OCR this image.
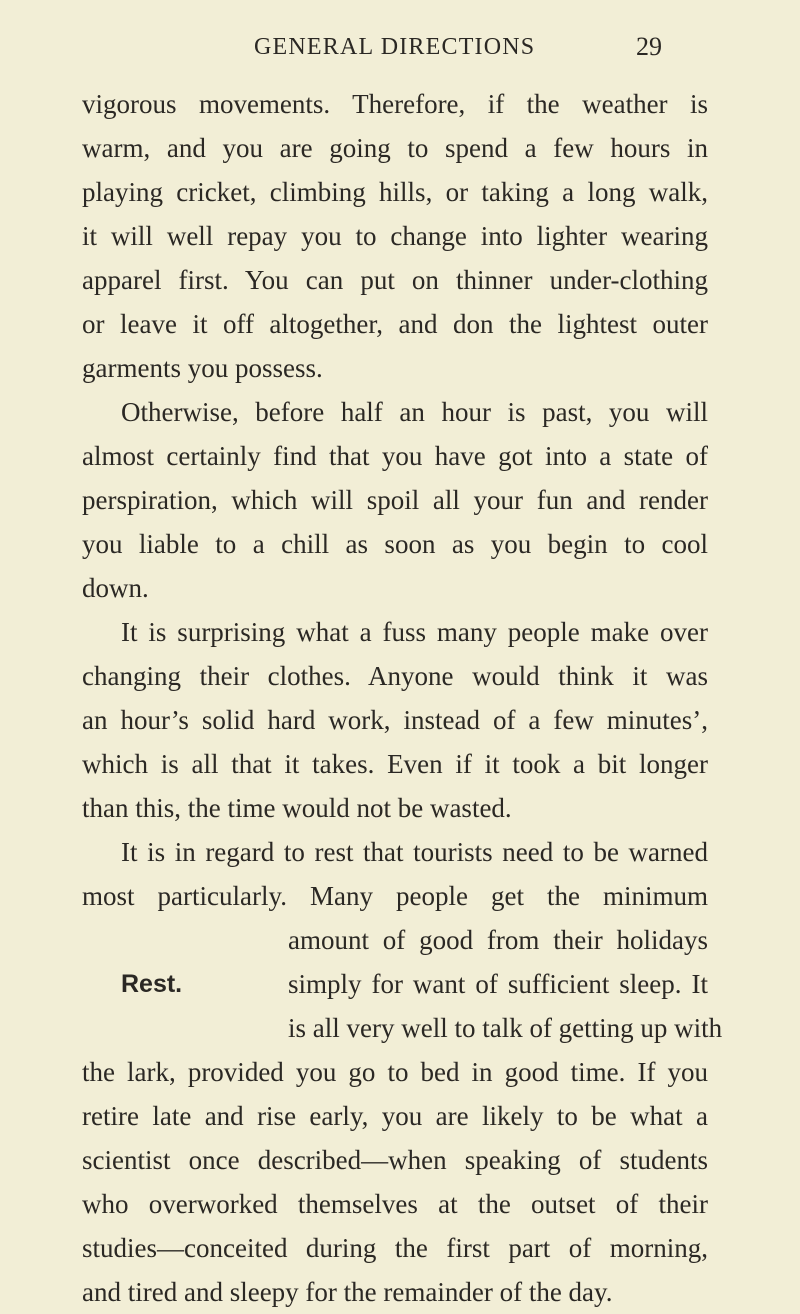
GENERAL DIRECTIONS	29
vigorous movements. Therefore, if the weather is
warm, and you are going to spend a few hours in
playing cricket, climbing hills, or taking a long walk,
it will well repay you to change into lighter wearing
apparel first. You can put on thinner under-clothing
or leave it off altogether, and don the lightest outer
garments you possess.
Otherwise, before half an hour is past, you will
almost certainly find that you have got into a state of
perspiration, which will spoil all your fun and render
you liable to a chill as soon as you begin to cool
down.
It is surprising what a fuss many people make over
changing their clothes. Anyone would think it was
an hour’s solid hard work, instead of a few minutes’,
which is all that it takes. Even if it took a bit longer
than this, the time would not be wasted.
It is in regard to rest that tourists need to be warned
most particularly. Many people get the minimum
amount of good from their holidays
simply for want of sufficient sleep. It
is all very well to talk of getting up with
the lark, provided you go to bed in good time. If you
retire late and rise early, you are likely to be what a
scientist once described—when speaking of students
who overworked themselves at the outset of their
studies—conceited during the first part of morning,
and tired and sleepy for the remainder of the day.
Rest.
